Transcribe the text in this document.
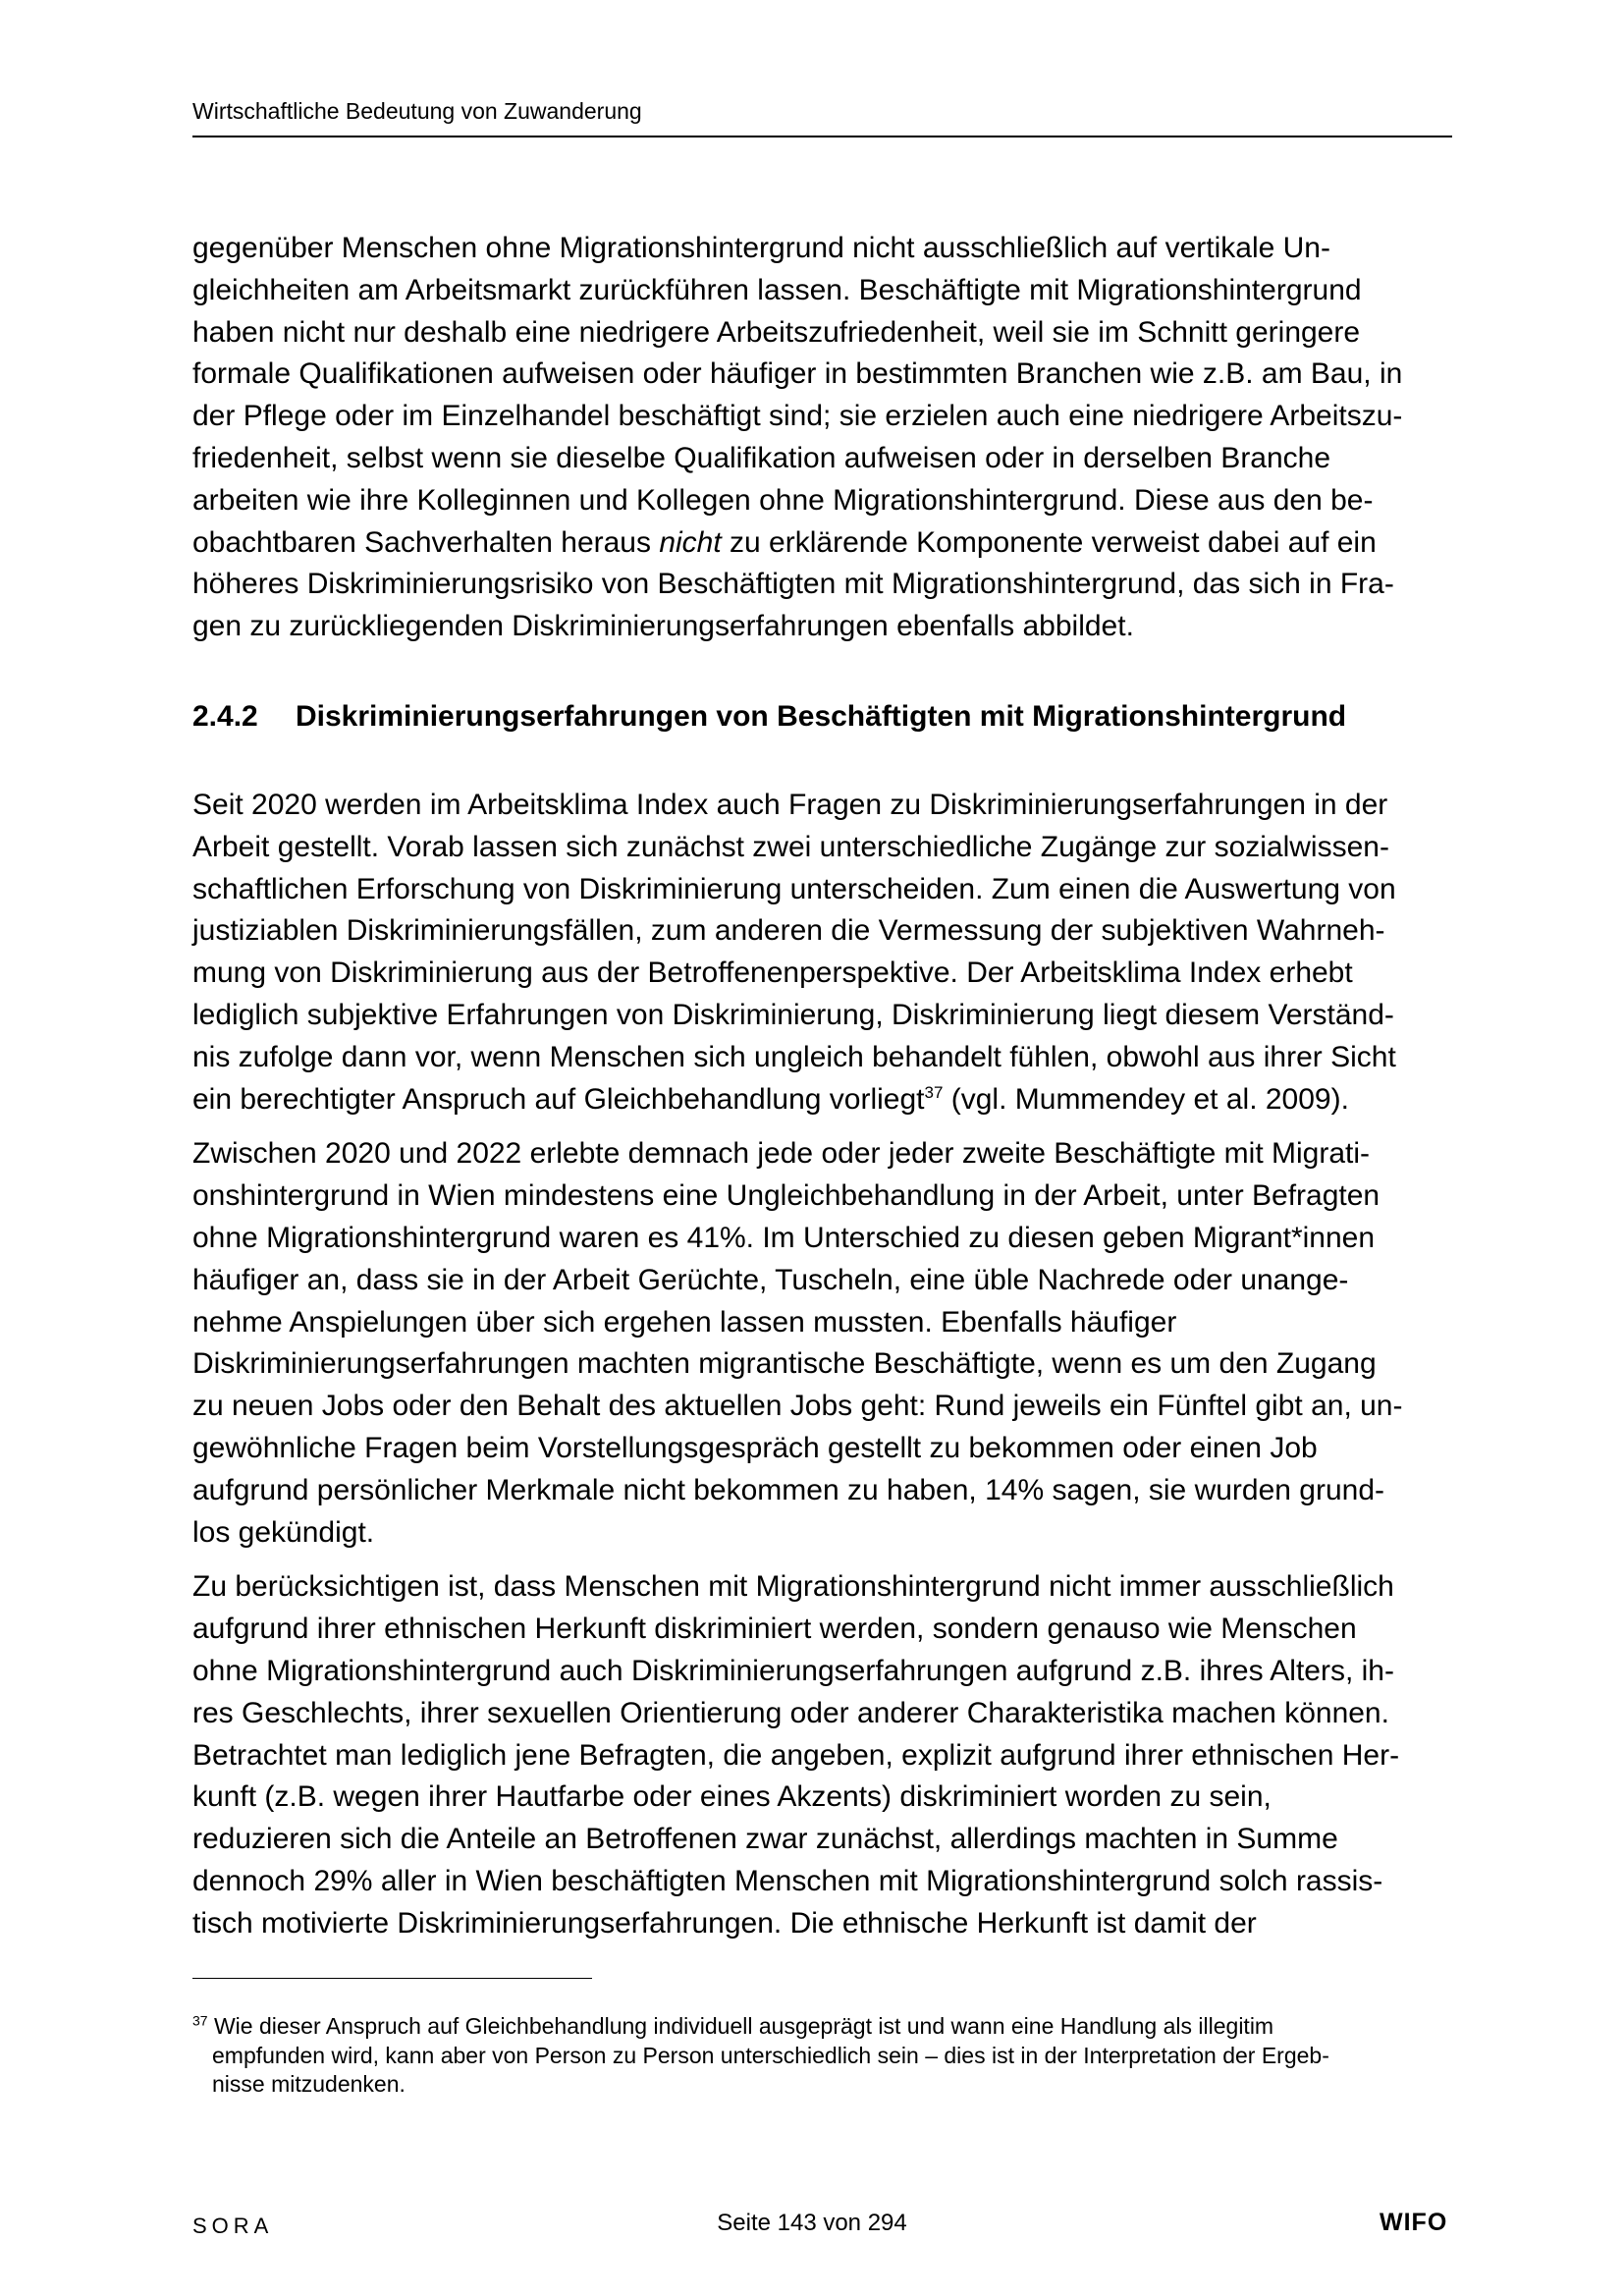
Wirtschaftliche Bedeutung von Zuwanderung

gegenüber Menschen ohne Migrationshintergrund nicht ausschließlich auf vertikale Un-
gleichheiten am Arbeitsmarkt zurückführen lassen. Beschäftigte mit Migrationshintergrund
haben nicht nur deshalb eine niedrigere Arbeitszufriedenheit, weil sie im Schnitt geringere
formale Qualifikationen aufweisen oder häufiger in bestimmten Branchen wie z.B. am Bau, in
der Pflege oder im Einzelhandel beschäftigt sind; sie erzielen auch eine niedrigere Arbeitszu-
friedenheit, selbst wenn sie dieselbe Qualifikation aufweisen oder in derselben Branche
arbeiten wie ihre Kolleginnen und Kollegen ohne Migrationshintergrund. Diese aus den be-
obachtbaren Sachverhalten heraus nicht zu erklärende Komponente verweist dabei auf ein
höheres Diskriminierungsrisiko von Beschäftigten mit Migrationshintergrund, das sich in Fra-
gen zu zurückliegenden Diskriminierungserfahrungen ebenfalls abbildet.

2.4.2 Diskriminierungserfahrungen von Beschäftigten mit Migrationshintergrund

Seit 2020 werden im Arbeitsklima Index auch Fragen zu Diskriminierungserfahrungen in der
Arbeit gestellt. Vorab lassen sich zunächst zwei unterschiedliche Zugänge zur sozialwissen-
schaftlichen Erforschung von Diskriminierung unterscheiden. Zum einen die Auswertung von
justiziablen Diskriminierungsfällen, zum anderen die Vermessung der subjektiven Wahrneh-
mung von Diskriminierung aus der Betroffenenperspektive. Der Arbeitsklima Index erhebt
lediglich subjektive Erfahrungen von Diskriminierung, Diskriminierung liegt diesem Verständ-
nis zufolge dann vor, wenn Menschen sich ungleich behandelt fühlen, obwohl aus ihrer Sicht
ein berechtigter Anspruch auf Gleichbehandlung vorliegt$^{37}$ (vgl. Mummendey et al. 2009).

Zwischen 2020 und 2022 erlebte demnach jede oder jeder zweite Beschäftigte mit Migrati-
onshintergrund in Wien mindestens eine Ungleichbehandlung in der Arbeit, unter Befragten
ohne Migrationshintergrund waren es 41%. Im Unterschied zu diesen geben Migrant*innen
häufiger an, dass sie in der Arbeit Gerüchte, Tuscheln, eine üble Nachrede oder unange-
nehme Anspielungen über sich ergehen lassen mussten. Ebenfalls häufiger
Diskriminierungserfahrungen machten migrantische Beschäftigte, wenn es um den Zugang
zu neuen Jobs oder den Behalt des aktuellen Jobs geht: Rund jeweils ein Fünftel gibt an, un-
gewöhnliche Fragen beim Vorstellungsgespräch gestellt zu bekommen oder einen Job
aufgrund persönlicher Merkmale nicht bekommen zu haben, 14% sagen, sie wurden grund-
los gekündigt.

Zu berücksichtigen ist, dass Menschen mit Migrationshintergrund nicht immer ausschließlich
aufgrund ihrer ethnischen Herkunft diskriminiert werden, sondern genauso wie Menschen
ohne Migrationshintergrund auch Diskriminierungserfahrungen aufgrund z.B. ihres Alters, ih-
res Geschlechts, ihrer sexuellen Orientierung oder anderer Charakteristika machen können.
Betrachtet man lediglich jene Befragten, die angeben, explizit aufgrund ihrer ethnischen Her-
kunft (z.B. wegen ihrer Hautfarbe oder eines Akzents) diskriminiert worden zu sein,
reduzieren sich die Anteile an Betroffenen zwar zunächst, allerdings machten in Summe
dennoch 29% aller in Wien beschäftigten Menschen mit Migrationshintergrund solch rassis-
tisch motivierte Diskriminierungserfahrungen. Die ethnische Herkunft ist damit der

$^{37}$ Wie dieser Anspruch auf Gleichbehandlung individuell ausgeprägt ist und wann eine Handlung als illegitim
empfunden wird, kann aber von Person zu Person unterschiedlich sein – dies ist in der Interpretation der Ergeb-
nisse mitzudenken.
SORA	Seite 143 von 294	WIFO
